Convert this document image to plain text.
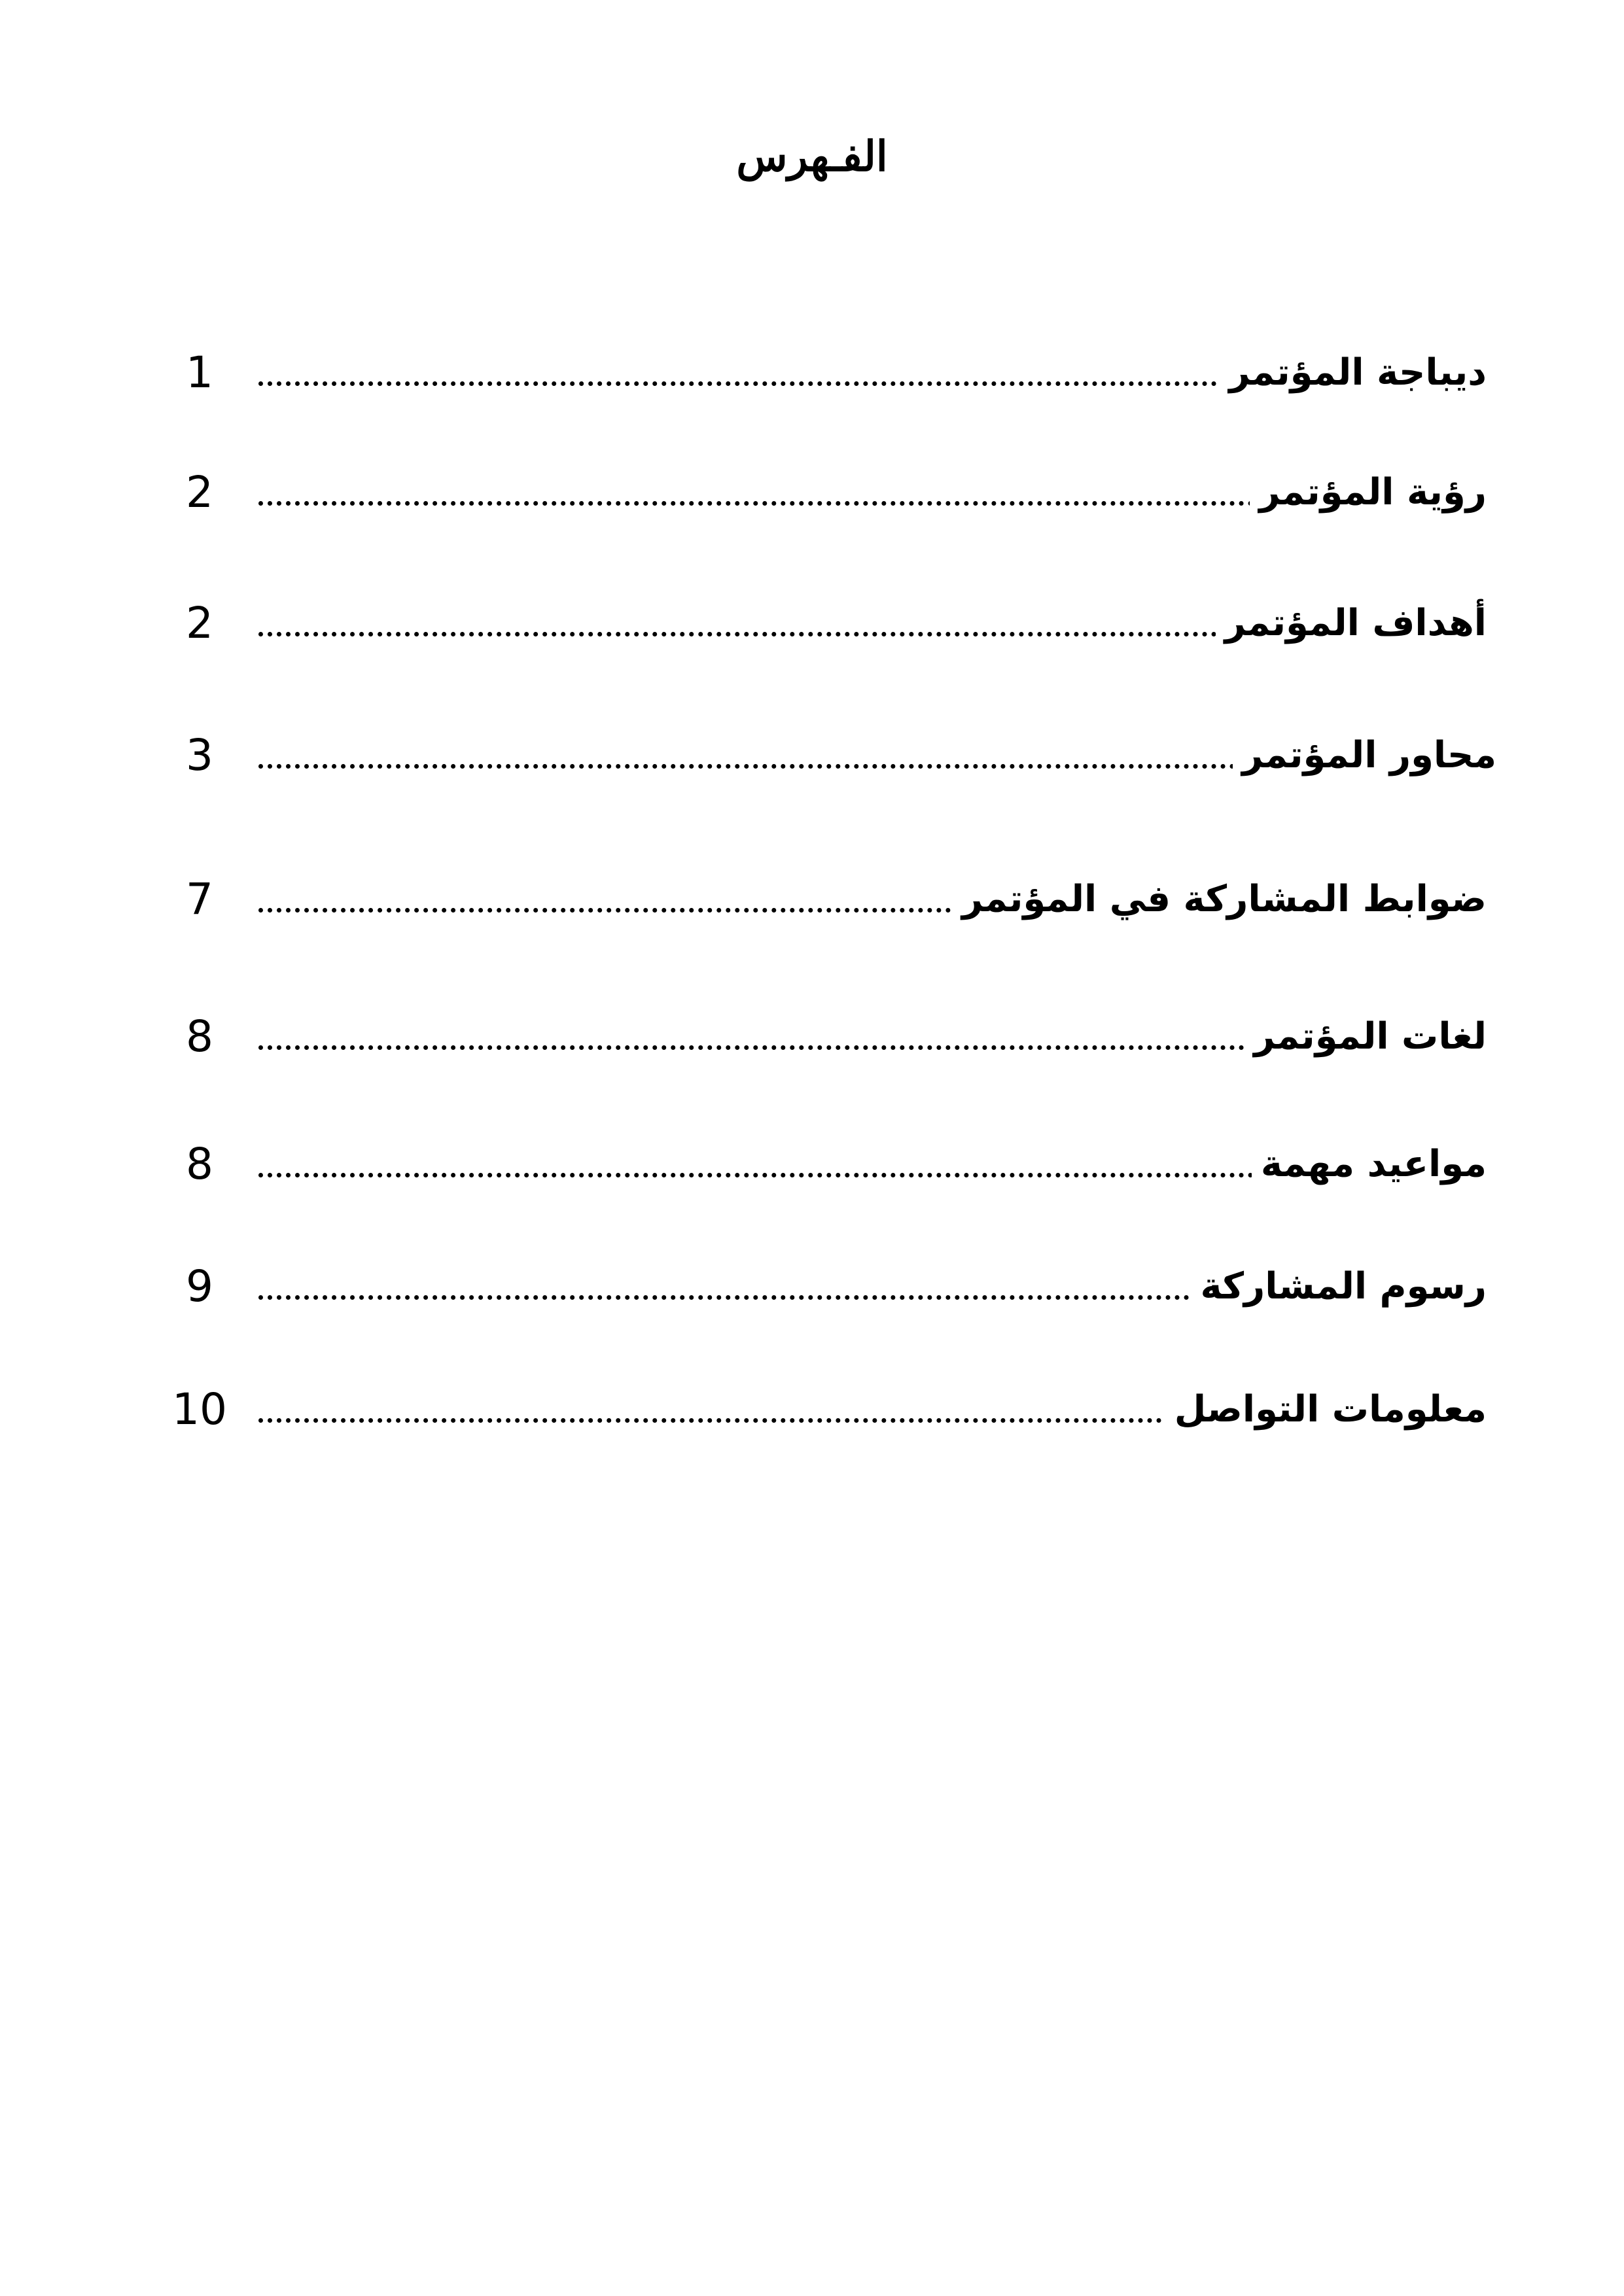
الفـهرس
ديباجة المؤتمر
1
رؤية المؤتمر
2
أهداف المؤتمر
2
محاور المؤتمر
3
ضوابط المشاركة في المؤتمر
7
لغات المؤتمر
8
مواعيد مهمة
8
رسوم المشاركة
9
معلومات التواصل
10
